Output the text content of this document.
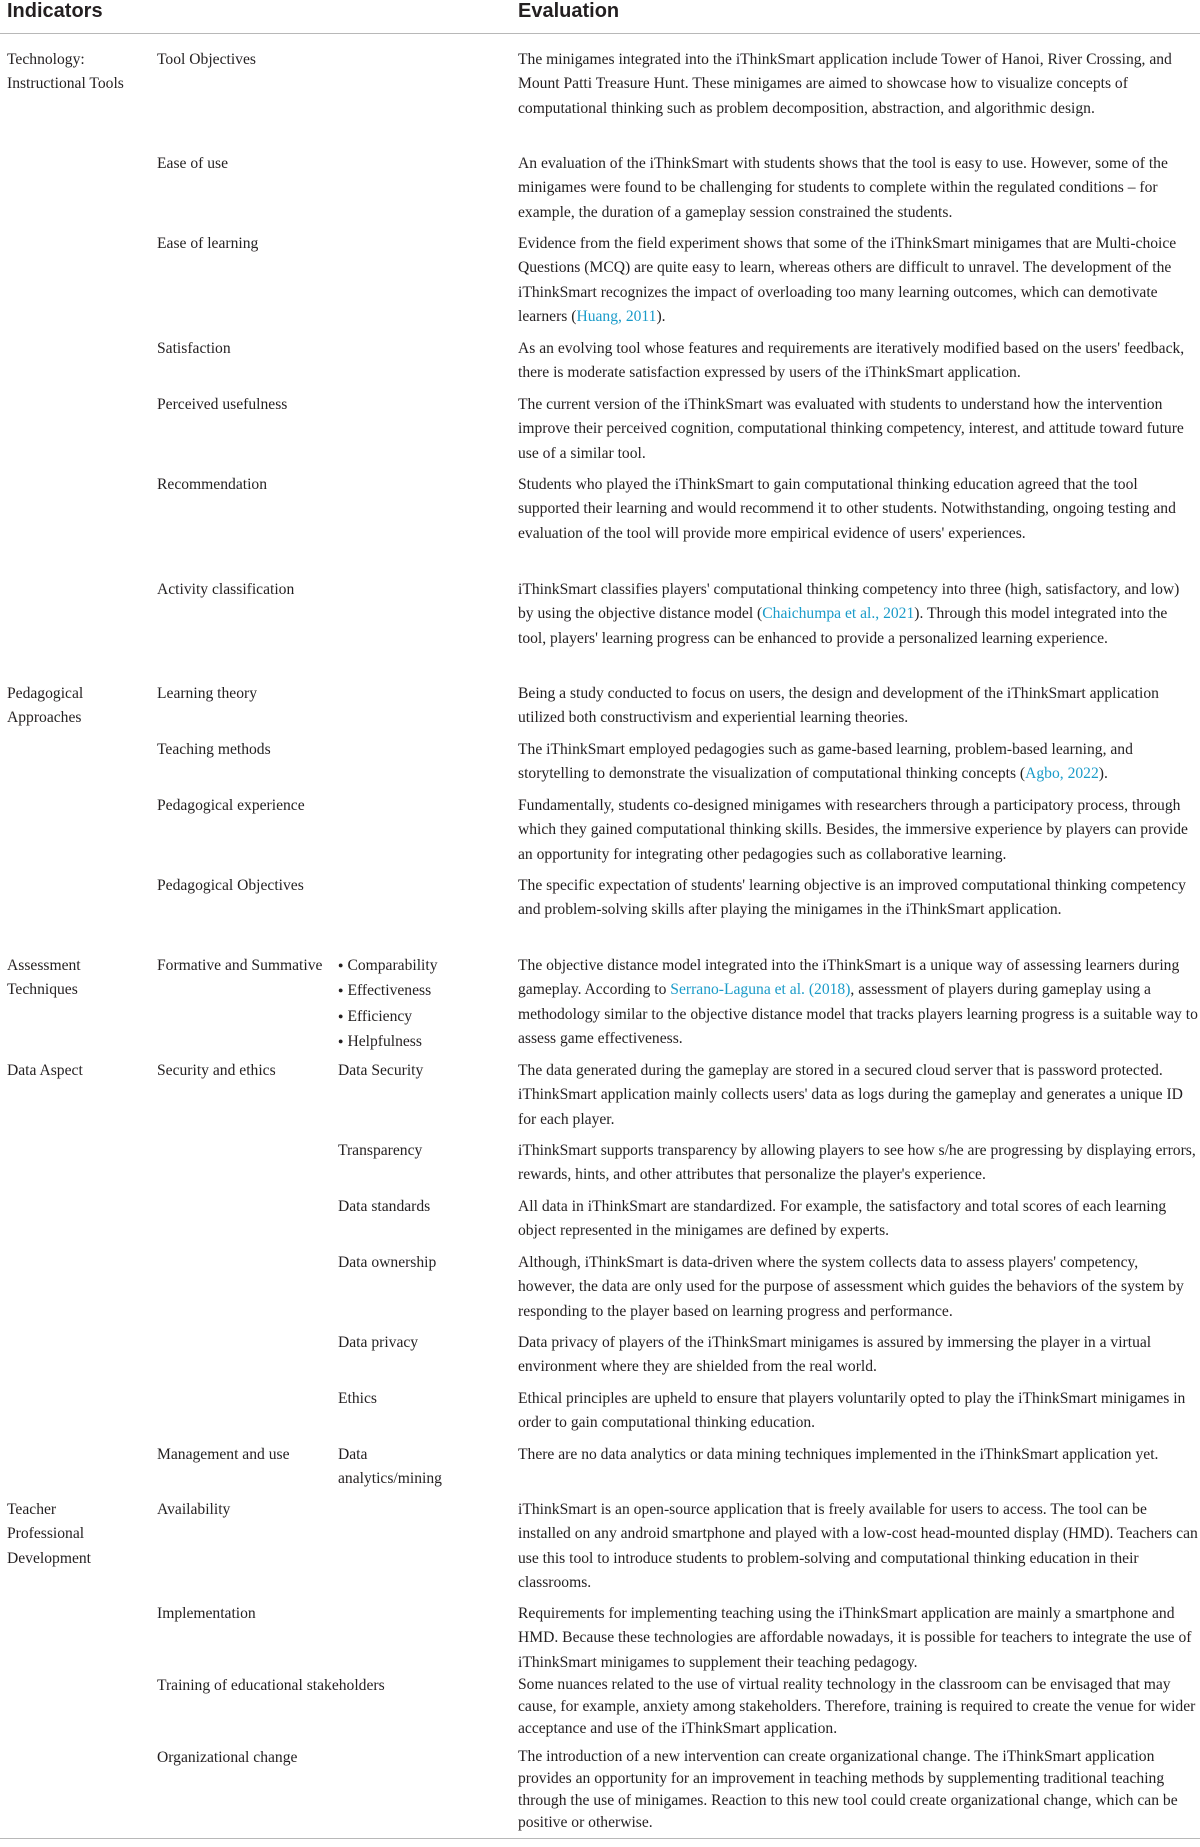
Indicators	Evaluation
Technology: Instructional Tools
Tool Objectives	The minigames integrated into the iThinkSmart application include Tower of Hanoi, River Crossing, and Mount Patti Treasure Hunt. These minigames are aimed to showcase how to visualize concepts of computational thinking such as problem decomposition, abstraction, and algorithmic design.
Ease of use	An evaluation of the iThinkSmart with students shows that the tool is easy to use. However, some of the minigames were found to be challenging for students to complete within the regulated conditions – for example, the duration of a gameplay session constrained the students.
Ease of learning	Evidence from the field experiment shows that some of the iThinkSmart minigames that are Multi-choice Questions (MCQ) are quite easy to learn, whereas others are difficult to unravel. The development of the iThinkSmart recognizes the impact of overloading too many learning outcomes, which can demotivate learners (Huang, 2011).
Satisfaction	As an evolving tool whose features and requirements are iteratively modified based on the users' feedback, there is moderate satisfaction expressed by users of the iThinkSmart application.
Perceived usefulness	The current version of the iThinkSmart was evaluated with students to understand how the intervention improve their perceived cognition, computational thinking competency, interest, and attitude toward future use of a similar tool.
Recommendation	Students who played the iThinkSmart to gain computational thinking education agreed that the tool supported their learning and would recommend it to other students. Notwithstanding, ongoing testing and evaluation of the tool will provide more empirical evidence of users' experiences.
Activity classification	iThinkSmart classifies players' computational thinking competency into three (high, satisfactory, and low) by using the objective distance model (Chaichumpa et al., 2021). Through this model integrated into the tool, players' learning progress can be enhanced to provide a personalized learning experience.
Pedagogical Approaches
Learning theory	Being a study conducted to focus on users, the design and development of the iThinkSmart application utilized both constructivism and experiential learning theories.
Teaching methods	The iThinkSmart employed pedagogies such as game-based learning, problem-based learning, and storytelling to demonstrate the visualization of computational thinking concepts (Agbo, 2022).
Pedagogical experience	Fundamentally, students co-designed minigames with researchers through a participatory process, through which they gained computational thinking skills. Besides, the immersive experience by players can provide an opportunity for integrating other pedagogies such as collaborative learning.
Pedagogical Objectives	The specific expectation of students' learning objective is an improved computational thinking competency and problem-solving skills after playing the minigames in the iThinkSmart application.
Assessment Techniques
Formative and Summative
●	Comparability
● Effectiveness
● Efficiency
● Helpfulness
The objective distance model integrated into the iThinkSmart is a unique way of assessing learners during gameplay. According to Serrano-Laguna et al. (2018), assessment of players during gameplay using a methodology similar to the objective distance model that tracks players learning progress is a suitable way to assess game effectiveness.
Data Aspect	Security and ethics	Data Security	The data generated during the gameplay are stored in a secured cloud server that is password protected. iThinkSmart application mainly collects users' data as logs during the gameplay and generates a unique ID for each player.
Transparency	iThinkSmart supports transparency by allowing players to see how s/he are progressing by displaying errors, rewards, hints, and other attributes that personalize the player's experience.
Data standards	All data in iThinkSmart are standardized. For example, the satisfactory and total scores of each learning object represented in the minigames are defined by experts.
Data ownership	Although, iThinkSmart is data-driven where the system collects data to assess players' competency, however, the data are only used for the purpose of assessment which guides the behaviors of the system by responding to the player based on learning progress and performance.
Data privacy	Data privacy of players of the iThinkSmart minigames is assured by immersing the player in a virtual environment where they are shielded from the real world.
Ethics	Ethical principles are upheld to ensure that players voluntarily opted to play the iThinkSmart minigames in order to gain computational thinking education.
Management and use	Data analytics/mining
There are no data analytics or data mining techniques implemented in the iThinkSmart application yet.
Teacher Professional Development
Availability	iThinkSmart is an open-source application that is freely available for users to access. The tool can be installed on any android smartphone and played with a low-cost head-mounted display (HMD). Teachers can use this tool to introduce students to problem-solving and computational thinking education in their classrooms.
Implementation	Requirements for implementing teaching using the iThinkSmart application are mainly a smartphone and HMD. Because these technologies are affordable nowadays, it is possible for teachers to integrate the use of iThinkSmart minigames to supplement their teaching pedagogy.
Training of educational stakeholders	Some nuances related to the use of virtual reality technology in the classroom can be envisaged that may cause, for example, anxiety among stakeholders. Therefore, training is required to create the venue for wider acceptance and use of the iThinkSmart application.
Organizational change	The introduction of a new intervention can create organizational change. The iThinkSmart application provides an opportunity for an improvement in teaching methods by supplementing traditional teaching through the use of minigames. Reaction to this new tool could create organizational change, which can be positive or otherwise.
